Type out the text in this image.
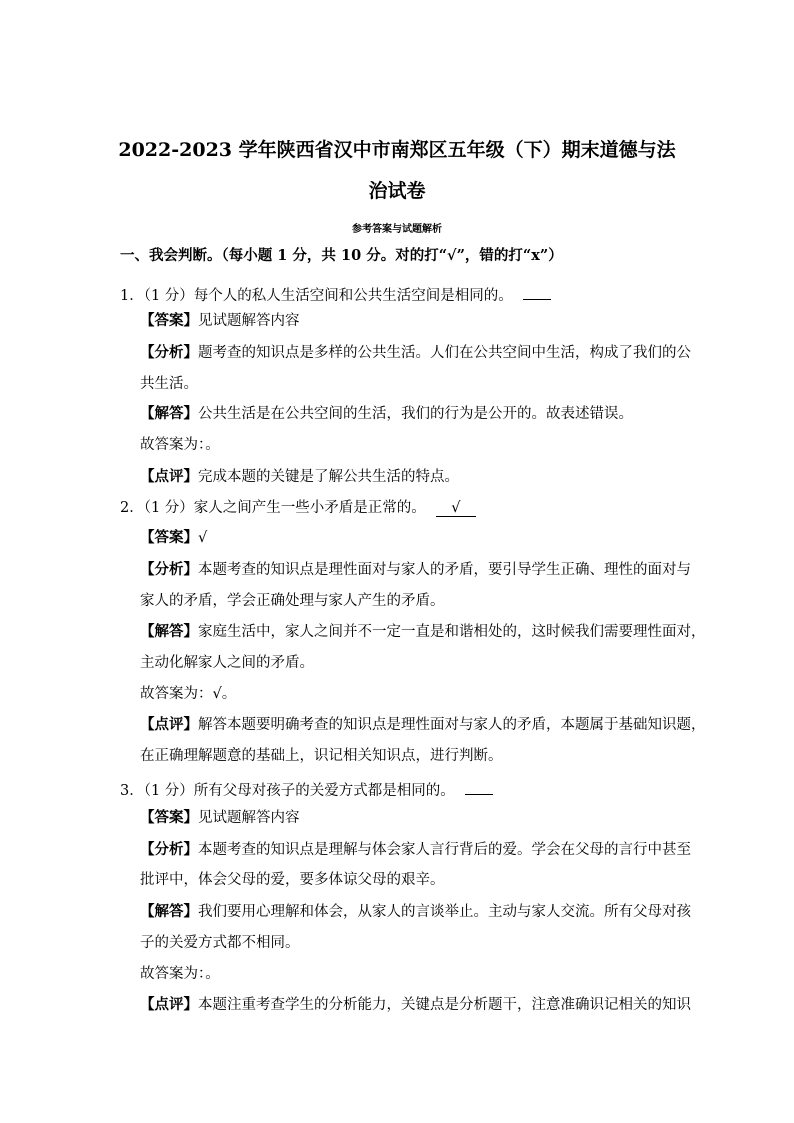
2022-2023 学年陕西省汉中市南郑区五年级（下）期末道德与法
治试卷
参考答案与试题解析
一、我会判断。（每小题 1 分，共 10 分。对的打“√”，错的打“x”）
1．（1 分）每个人的私人生活空间和公共生活空间是相同的。
【答案】见试题解答内容
【分析】题考查的知识点是多样的公共生活。人们在公共空间中生活，构成了我们的公
共生活。
【解答】公共生活是在公共空间的生活，我们的行为是公开的。故表述错误。
故答案为：。
【点评】完成本题的关键是了解公共生活的特点。
2．（1 分）家人之间产生一些小矛盾是正常的。 √
【答案】√
【分析】本题考查的知识点是理性面对与家人的矛盾，要引导学生正确、理性的面对与
家人的矛盾，学会正确处理与家人产生的矛盾。
【解答】家庭生活中，家人之间并不一定一直是和谐相处的，这时候我们需要理性面对，
主动化解家人之间的矛盾。
故答案为：√。
【点评】解答本题要明确考查的知识点是理性面对与家人的矛盾，本题属于基础知识题，
在正确理解题意的基础上，识记相关知识点，进行判断。
3．（1 分）所有父母对孩子的关爱方式都是相同的。
【答案】见试题解答内容
【分析】本题考查的知识点是理解与体会家人言行背后的爱。学会在父母的言行中甚至
批评中，体会父母的爱，要多体谅父母的艰辛。
【解答】我们要用心理解和体会，从家人的言谈举止。主动与家人交流。所有父母对孩
子的关爱方式都不相同。
故答案为：。
【点评】本题注重考查学生的分析能力，关键点是分析题干，注意准确识记相关的知识
